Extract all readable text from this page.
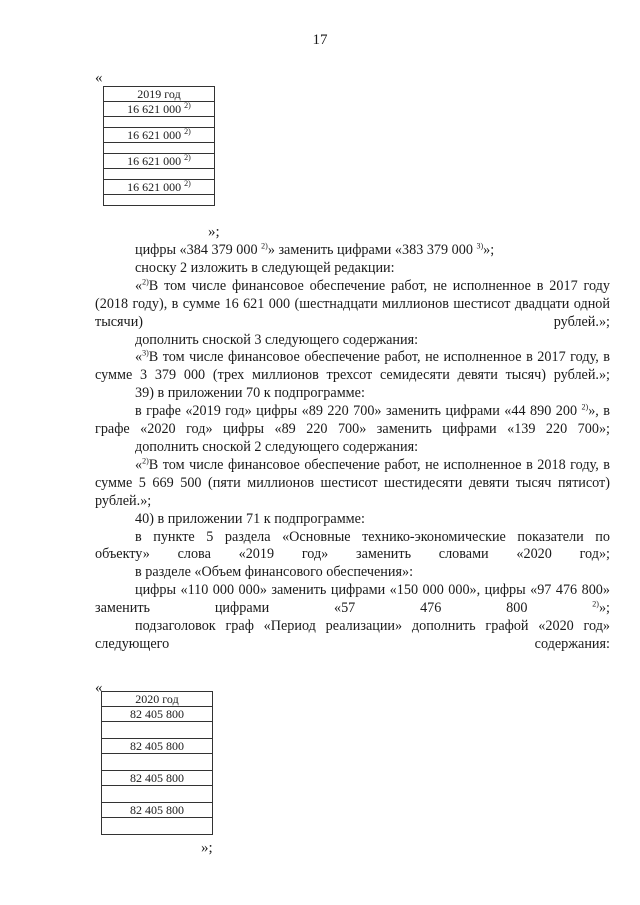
17
«
2019 год
16 621 000 $^{2)}$

16 621 000 $^{2)}$

16 621 000 $^{2)}$

16 621 000 $^{2)}$

»;

цифры «384 379 000 $^{2)}$» заменить цифрами «383 379 000 $^{3)}$»;

сноску 2 изложить в следующей редакции:

«$^{2)}$В том числе финансовое обеспечение работ, не исполненное в 2017 году (2018 году), в сумме 16 621 000 (шестнадцати миллионов шестисот двадцати одной тысячи) рублей.»;

дополнить сноской 3 следующего содержания:

«$^{3)}$В том числе финансовое обеспечение работ, не исполненное в 2017 году, в сумме 3 379 000 (трех миллионов трехсот семидесяти девяти тысяч) рублей.»;

39) в приложении 70 к подпрограмме:

в графе «2019 год» цифры «89 220 700» заменить цифрами «44 890 200 $^{2)}$», в графе «2020 год» цифры «89 220 700» заменить цифрами «139 220 700»;

дополнить сноской 2 следующего содержания:

«$^{2)}$В том числе финансовое обеспечение работ, не исполненное в 2018 году, в сумме 5 669 500 (пяти миллионов шестисот шестидесяти девяти тысяч пятисот) рублей.»;

40) в приложении 71 к подпрограмме:

в пункте 5 раздела «Основные технико-экономические показатели по объекту» слова «2019 год» заменить словами «2020 год»;

в разделе «Объем финансового обеспечения»:

цифры «110 000 000» заменить цифрами «150 000 000», цифры «97 476 800» заменить цифрами «57 476 800 $^{2)}$»;

подзаголовок граф «Период реализации» дополнить графой «2020 год» следующего содержания:

«
2020 год
82 405 800

82 405 800

82 405 800

82 405 800

»;
